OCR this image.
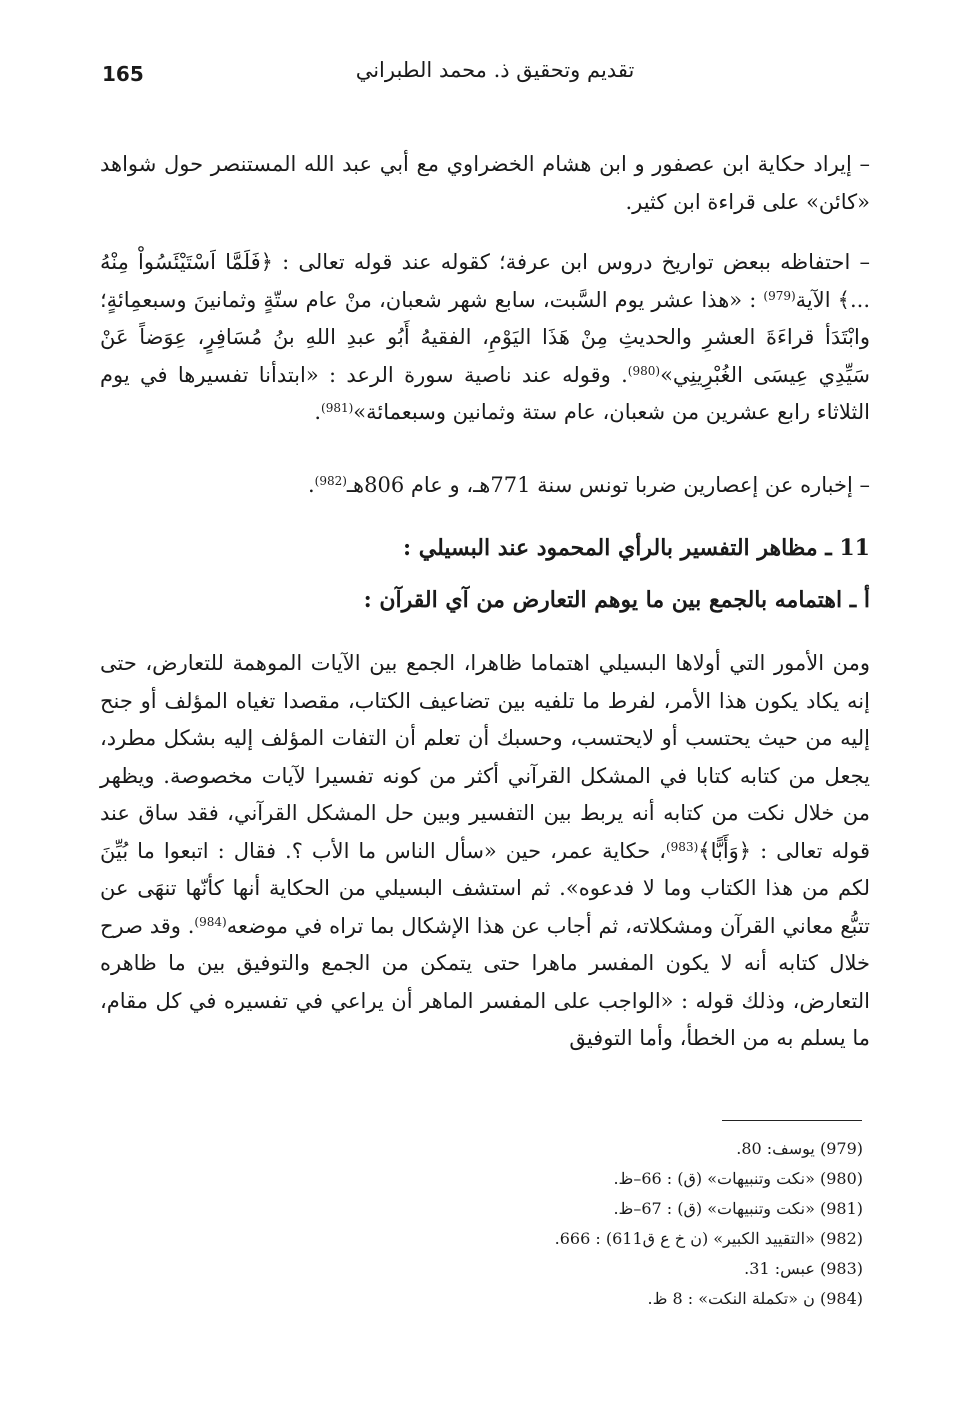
165	تقديم وتحقيق ذ. محمد الطبراني

– إيراد حكاية ابن عصفور و ابن هشام الخضراوي مع أبي عبد الله المستنصر حول شواهد «كائن» على قراءة ابن كثير.

– احتفاظه ببعض تواريخ دروس ابن عرفة؛ كقوله عند قوله تعالى : ﴿فَلَمَّا اَسْتَيْئَسُواْ مِنْهُ ...﴾ الآية$^{(979)}$ : «هذا عشر يوم السَّبت، سابع شهر شعبان، منْ عام ستّةٍ وثمانينَ وسبعمِائةٍ؛ وابْتَدَأ قراءَةَ العشرِ والحديثِ مِنْ هَذَا اليَوْمِ، الفقيهُ أَبُو عبدِ اللهِ بنُ مُسَافِرٍ، عِوَضاً عَنْ سَيِّدِي عِيسَى الغُبْرِينِي»$^{(980)}$. وقوله عند ناصية سورة الرعد : «ابتدأنا تفسيرها في يوم الثلاثاء رابع عشرين من شعبان، عام ستة وثمانين وسبعمائة»$^{(981)}$.

– إخباره عن إعصارين ضربا تونس سنة 771هـ، و عام 806هـ$^{(982)}$.

11 ـ مظاهر التفسير بالرأي المحمود عند البسيلي :
أ ـ اهتمامه بالجمع بين ما يوهم التعارض من آي القرآن :

ومن الأمور التي أولاها البسيلي اهتماما ظاهرا، الجمع بين الآيات الموهمة للتعارض، حتى إنه يكاد يكون هذا الأمر، لفرط ما تلفيه بين تضاعيف الكتاب، مقصدا تغياه المؤلف أو جنح إليه من حيث يحتسب أو لايحتسب، وحسبك أن تعلم أن التفات المؤلف إليه بشكل مطرد، يجعل من كتابه كتابا في المشكل القرآني أكثر من كونه تفسيرا لآيات مخصوصة. ويظهر من خلال نكت من كتابه أنه يربط بين التفسير وبين حل المشكل القرآني، فقد ساق عند قوله تعالى : ﴿وَأَبًّا﴾$^{(983)}$، حكاية عمر، حين «سأل الناس ما الأب ؟. فقال : اتبعوا ما بُيِّنَ لكم من هذا الكتاب وما لا فدعوه». ثم استشف البسيلي من الحكاية أنها كأنّها تنهَى عن تتبُّع معاني القرآن ومشكلاته، ثم أجاب عن هذا الإشكال بما تراه في موضعه$^{(984)}$. وقد صرح خلال كتابه أنه لا يكون المفسر ماهرا حتى يتمكن من الجمع والتوفيق بين ما ظاهره التعارض، وذلك قوله : «الواجب على المفسر الماهر أن يراعي في تفسيره في كل مقام، ما يسلم به من الخطأ، وأما التوفيق

(979) يوسف: 80.
(980) «نكت وتنبيهات» (ق) : 66–ظ.
(981) «نكت وتنبيهات» (ق) : 67–ظ.
(982) «التقييد الكبير» (ن خ ع ق611) : 666.
(983) عبس: 31.
(984) ن «تكملة النكت» : 8 ظ.
